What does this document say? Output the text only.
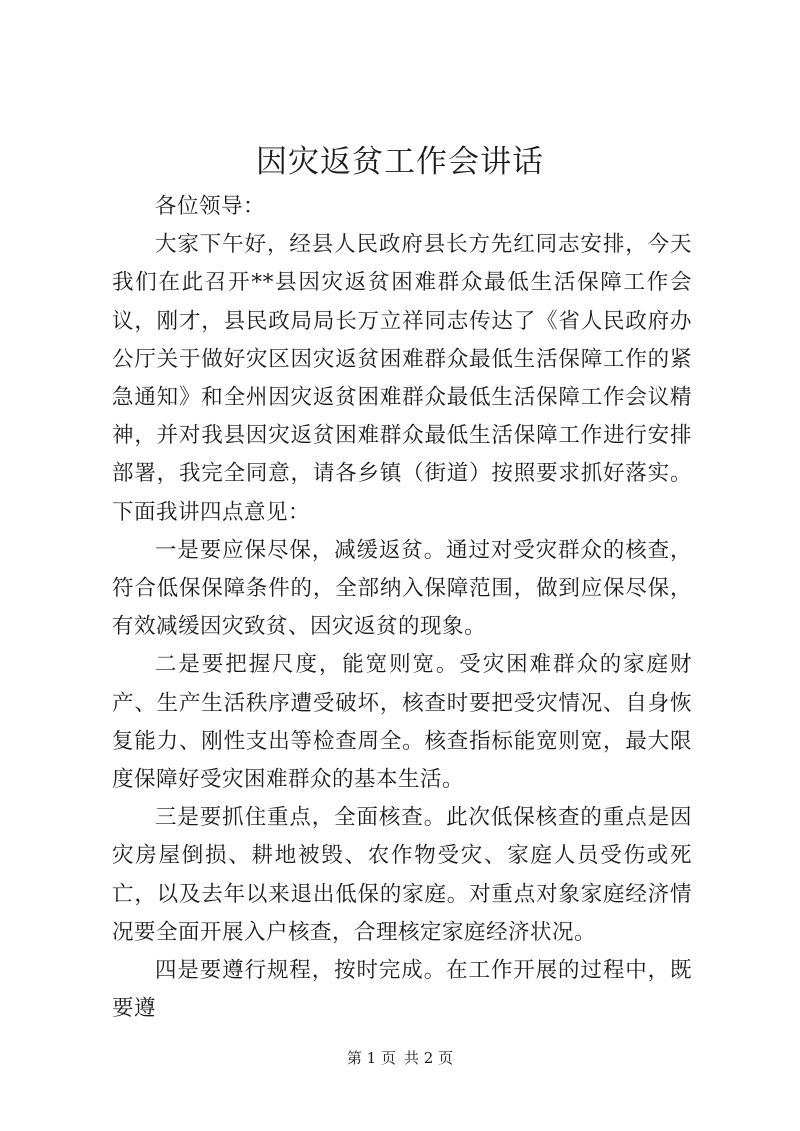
因灾返贫工作会讲话

各位领导：

大家下午好，经县人民政府县长方先红同志安排，今天我们在此召开**县因灾返贫困难群众最低生活保障工作会议，刚才，县民政局局长万立祥同志传达了《省人民政府办公厅关于做好灾区因灾返贫困难群众最低生活保障工作的紧急通知》和全州因灾返贫困难群众最低生活保障工作会议精神，并对我县因灾返贫困难群众最低生活保障工作进行安排部署，我完全同意，请各乡镇（街道）按照要求抓好落实。下面我讲四点意见：

一是要应保尽保，减缓返贫。通过对受灾群众的核查，符合低保保障条件的，全部纳入保障范围，做到应保尽保，有效减缓因灾致贫、因灾返贫的现象。

二是要把握尺度，能宽则宽。受灾困难群众的家庭财产、生产生活秩序遭受破坏，核查时要把受灾情况、自身恢复能力、刚性支出等检查周全。核查指标能宽则宽，最大限度保障好受灾困难群众的基本生活。

三是要抓住重点，全面核查。此次低保核查的重点是因灾房屋倒损、耕地被毁、农作物受灾、家庭人员受伤或死亡，以及去年以来退出低保的家庭。对重点对象家庭经济情况要全面开展入户核查，合理核定家庭经济状况。

四是要遵行规程，按时完成。在工作开展的过程中，既要遵

第 1 页 共 2 页
